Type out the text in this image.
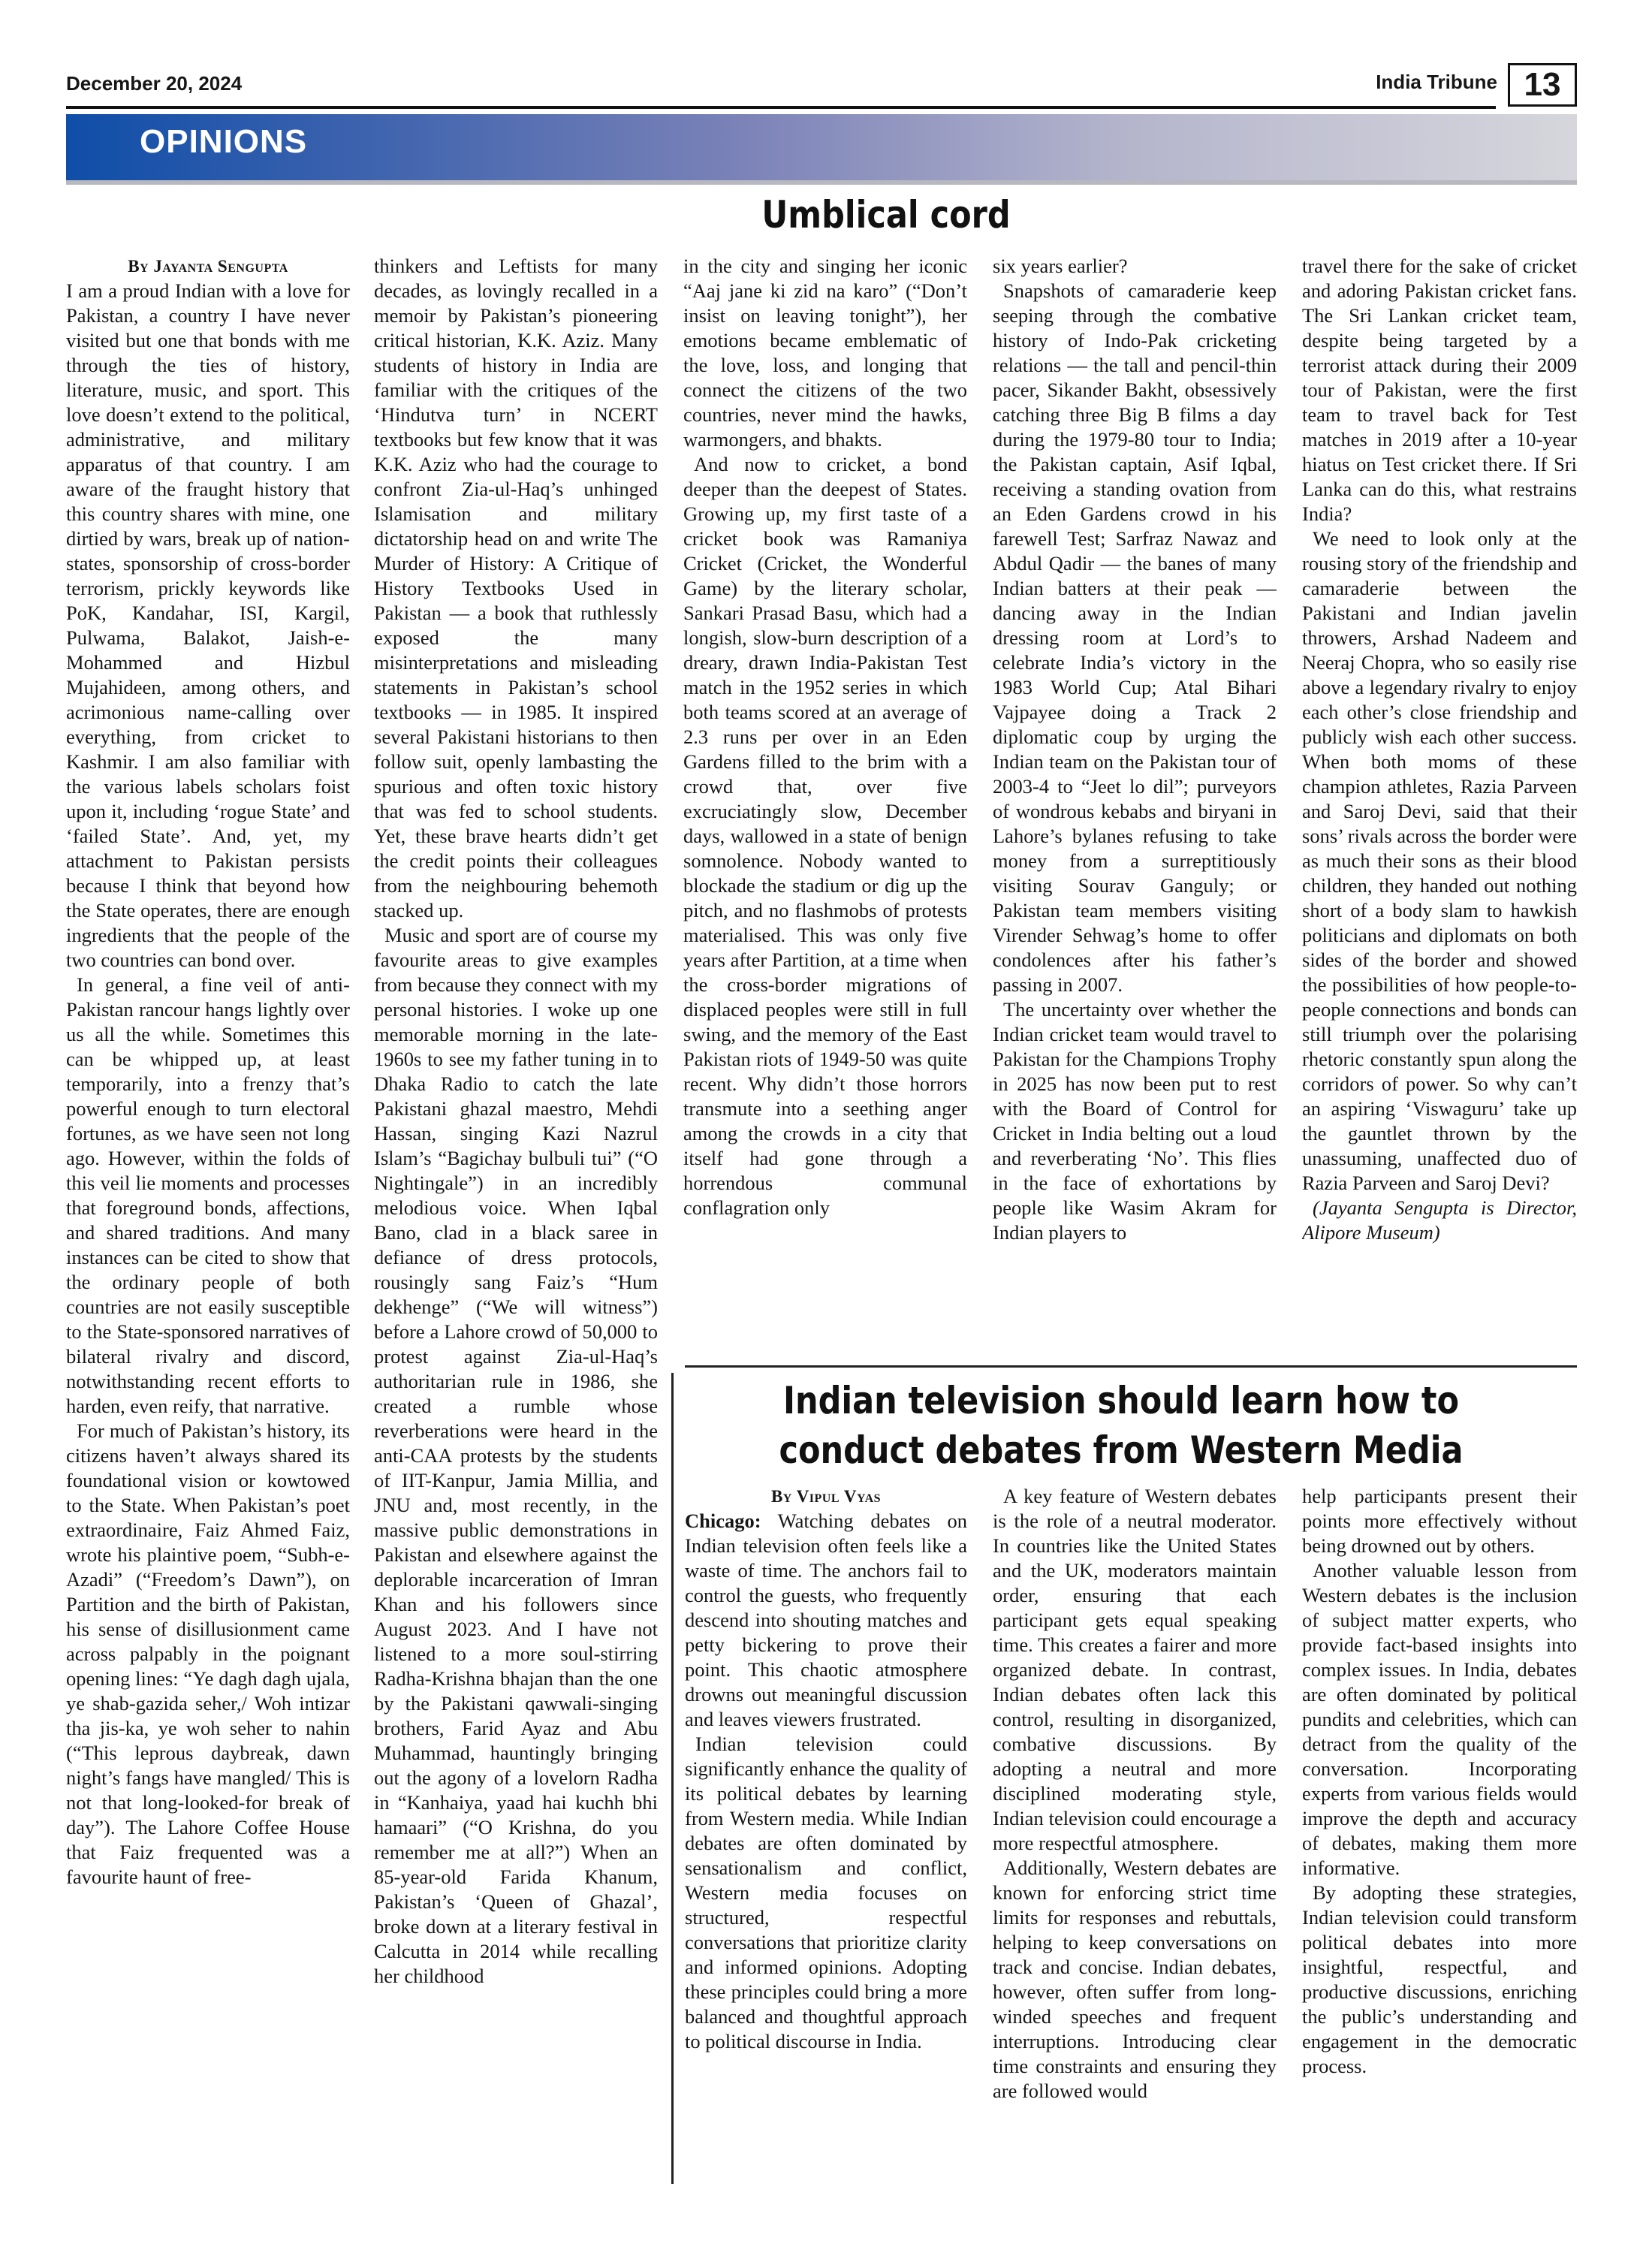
December 20, 2024	India Tribune 13
OPINIONS
Umblical cord
By Jayanta Sengupta

I am a proud Indian with a love for Pakistan, a country I have never visited but one that bonds with me through the ties of history, literature, music, and sport. This love doesn’t extend to the political, administrative, and military apparatus of that country. I am aware of the fraught history that this country shares with mine, one dirtied by wars, break up of nation-states, sponsorship of cross-border terrorism, prickly keywords like PoK, Kandahar, ISI, Kargil, Pulwama, Balakot, Jaish-e-Mohammed and Hizbul Mujahideen, among others, and acrimonious name-calling over everything, from cricket to Kashmir. I am also familiar with the various labels scholars foist upon it, including ‘rogue State’ and ‘failed State’. And, yet, my attachment to Pakistan persists because I think that beyond how the State operates, there are enough ingredients that the people of the two countries can bond over.

In general, a fine veil of anti-Pakistan rancour hangs lightly over us all the while. Sometimes this can be whipped up, at least temporarily, into a frenzy that’s powerful enough to turn electoral fortunes, as we have seen not long ago. However, within the folds of this veil lie moments and processes that foreground bonds, affections, and shared traditions. And many instances can be cited to show that the ordinary people of both countries are not easily susceptible to the State-sponsored narratives of bilateral rivalry and discord, notwithstanding recent efforts to harden, even reify, that narrative.

For much of Pakistan’s history, its citizens haven’t always shared its foundational vision or kowtowed to the State. When Pakistan’s poet extraordinaire, Faiz Ahmed Faiz, wrote his plaintive poem, “Subh-e-Azadi” (“Freedom’s Dawn”), on Partition and the birth of Pakistan, his sense of disillusionment came across palpably in the poignant opening lines: “Ye dagh dagh ujala, ye shab-gazida seher,/ Woh intizar tha jis-ka, ye woh seher to nahin (“This leprous daybreak, dawn night’s fangs have mangled/ This is not that long-looked-for break of day”). The Lahore Coffee House that Faiz frequented was a favourite haunt of free-

thinkers and Leftists for many decades, as lovingly recalled in a memoir by Pakistan’s pioneering critical historian, K.K. Aziz. Many students of history in India are familiar with the critiques of the ‘Hindutva turn’ in NCERT textbooks but few know that it was K.K. Aziz who had the courage to confront Zia-ul-Haq’s unhinged Islamisation and military dictatorship head on and write The Murder of History: A Critique of History Textbooks Used in Pakistan — a book that ruthlessly exposed the many misinterpretations and misleading statements in Pakistan’s school textbooks — in 1985. It inspired several Pakistani historians to then follow suit, openly lambasting the spurious and often toxic history that was fed to school students. Yet, these brave hearts didn’t get the credit points their colleagues from the neighbouring behemoth stacked up.

Music and sport are of course my favourite areas to give examples from because they connect with my personal histories. I woke up one memorable morning in the late-1960s to see my father tuning in to Dhaka Radio to catch the late Pakistani ghazal maestro, Mehdi Hassan, singing Kazi Nazrul Islam’s “Bagichay bulbuli tui” (“O Nightingale”) in an incredibly melodious voice. When Iqbal Bano, clad in a black saree in defiance of dress protocols, rousingly sang Faiz’s “Hum dekhenge” (“We will witness”) before a Lahore crowd of 50,000 to protest against Zia-ul-Haq’s authoritarian rule in 1986, she created a rumble whose reverberations were heard in the anti-CAA protests by the students of IIT-Kanpur, Jamia Millia, and JNU and, most recently, in the massive public demonstrations in Pakistan and elsewhere against the deplorable incarceration of Imran Khan and his followers since August 2023. And I have not listened to a more soul-stirring Radha-Krishna bhajan than the one by the Pakistani qawwali-singing brothers, Farid Ayaz and Abu Muhammad, hauntingly bringing out the agony of a lovelorn Radha in “Kanhaiya, yaad hai kuchh bhi hamaari” (“O Krishna, do you remember me at all?”) When an 85-year-old Farida Khanum, Pakistan’s ‘Queen of Ghazal’, broke down at a literary festival in Calcutta in 2014 while recalling her childhood

in the city and singing her iconic “Aaj jane ki zid na karo” (“Don’t insist on leaving tonight”), her emotions became emblematic of the love, loss, and longing that connect the citizens of the two countries, never mind the hawks, warmongers, and bhakts.

And now to cricket, a bond deeper than the deepest of States. Growing up, my first taste of a cricket book was Ramaniya Cricket (Cricket, the Wonderful Game) by the literary scholar, Sankari Prasad Basu, which had a longish, slow-burn description of a dreary, drawn India-Pakistan Test match in the 1952 series in which both teams scored at an average of 2.3 runs per over in an Eden Gardens filled to the brim with a crowd that, over five excruciatingly slow, December days, wallowed in a state of benign somnolence. Nobody wanted to blockade the stadium or dig up the pitch, and no flashmobs of protests materialised. This was only five years after Partition, at a time when the cross-border migrations of displaced peoples were still in full swing, and the memory of the East Pakistan riots of 1949-50 was quite recent. Why didn’t those horrors transmute into a seething anger among the crowds in a city that itself had gone through a horrendous communal conflagration only

six years earlier?

Snapshots of camaraderie keep seeping through the combative history of Indo-Pak cricketing relations — the tall and pencil-thin pacer, Sikander Bakht, obsessively catching three Big B films a day during the 1979-80 tour to India; the Pakistan captain, Asif Iqbal, receiving a standing ovation from an Eden Gardens crowd in his farewell Test; Sarfraz Nawaz and Abdul Qadir — the banes of many Indian batters at their peak — dancing away in the Indian dressing room at Lord’s to celebrate India’s victory in the 1983 World Cup; Atal Bihari Vajpayee doing a Track 2 diplomatic coup by urging the Indian team on the Pakistan tour of 2003-4 to “Jeet lo dil”; purveyors of wondrous kebabs and biryani in Lahore’s bylanes refusing to take money from a surreptitiously visiting Sourav Ganguly; or Pakistan team members visiting Virender Sehwag’s home to offer condolences after his father’s passing in 2007.

The uncertainty over whether the Indian cricket team would travel to Pakistan for the Champions Trophy in 2025 has now been put to rest with the Board of Control for Cricket in India belting out a loud and reverberating ‘No’. This flies in the face of exhortations by people like Wasim Akram for Indian players to

travel there for the sake of cricket and adoring Pakistan cricket fans. The Sri Lankan cricket team, despite being targeted by a terrorist attack during their 2009 tour of Pakistan, were the first team to travel back for Test matches in 2019 after a 10-year hiatus on Test cricket there. If Sri Lanka can do this, what restrains India?

We need to look only at the rousing story of the friendship and camaraderie between the Pakistani and Indian javelin throwers, Arshad Nadeem and Neeraj Chopra, who so easily rise above a legendary rivalry to enjoy each other’s close friendship and publicly wish each other success. When both moms of these champion athletes, Razia Parveen and Saroj Devi, said that their sons’ rivals across the border were as much their sons as their blood children, they handed out nothing short of a body slam to hawkish politicians and diplomats on both sides of the border and showed the possibilities of how people-to-people connections and bonds can still triumph over the polarising rhetoric constantly spun along the corridors of power. So why can’t an aspiring ‘Viswaguru’ take up the gauntlet thrown by the unassuming, unaffected duo of Razia Parveen and Saroj Devi?

(Jayanta Sengupta is Director, Alipore Museum)

Indian television should learn how to conduct debates from Western Media
By Vipul Vyas

Chicago: Watching debates on Indian television often feels like a waste of time. The anchors fail to control the guests, who frequently descend into shouting matches and petty bickering to prove their point. This chaotic atmosphere drowns out meaningful discussion and leaves viewers frustrated.

Indian television could significantly enhance the quality of its political debates by learning from Western media. While Indian debates are often dominated by sensationalism and conflict, Western media focuses on structured, respectful conversations that prioritize clarity and informed opinions. Adopting these principles could bring a more balanced and thoughtful approach to political discourse in India.

A key feature of Western debates is the role of a neutral moderator. In countries like the United States and the UK, moderators maintain order, ensuring that each participant gets equal speaking time. This creates a fairer and more organized debate. In contrast, Indian debates often lack this control, resulting in disorganized, combative discussions. By adopting a neutral and more disciplined moderating style, Indian television could encourage a more respectful atmosphere.

Additionally, Western debates are known for enforcing strict time limits for responses and rebuttals, helping to keep conversations on track and concise. Indian debates, however, often suffer from long-winded speeches and frequent interruptions. Introducing clear time constraints and ensuring they are followed would

help participants present their points more effectively without being drowned out by others.

Another valuable lesson from Western debates is the inclusion of subject matter experts, who provide fact-based insights into complex issues. In India, debates are often dominated by political pundits and celebrities, which can detract from the quality of the conversation. Incorporating experts from various fields would improve the depth and accuracy of debates, making them more informative.

By adopting these strategies, Indian television could transform political debates into more insightful, respectful, and productive discussions, enriching the public’s understanding and engagement in the democratic process.
